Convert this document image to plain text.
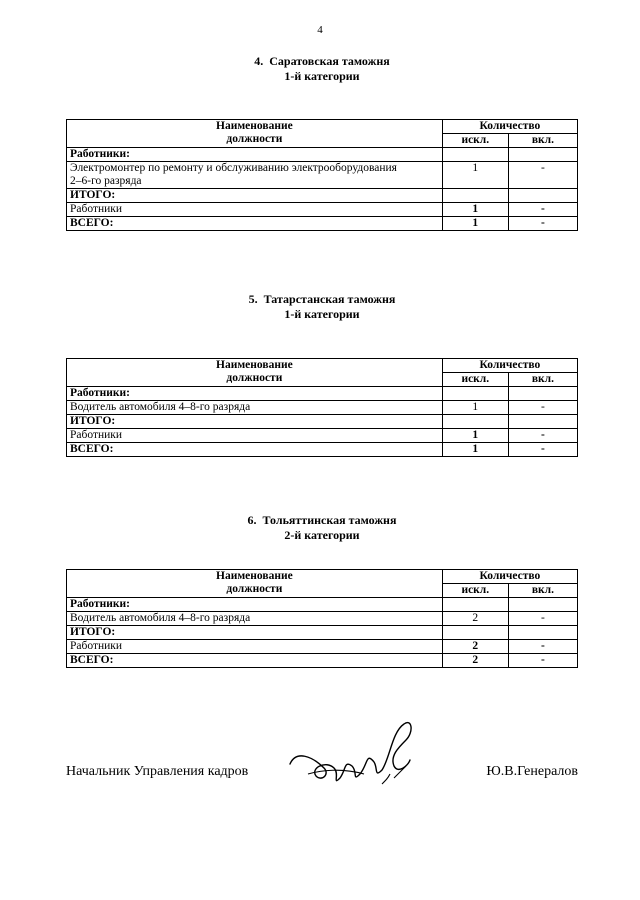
4
4.  Саратовская таможня
1-й категории
Наименование
должности	Количество	
	искл.	вкл.
Работники:		
Электромонтер по ремонту и обслуживанию электрооборудования
2–6-го разряда	1	-
ИТОГО:		
Работники	1	-
ВСЕГО:	1	-
5.  Татарстанская таможня
1-й категории
Наименование
должности	Количество	
	искл.	вкл.
Работники:		
Водитель автомобиля 4–8-го разряда	1	-
ИТОГО:		
Работники	1	-
ВСЕГО:	1	-
6.  Тольяттинская таможня
2-й категории
Наименование
должности	Количество	
	искл.	вкл.
Работники:		
Водитель автомобиля 4–8-го разряда	2	-
ИТОГО:		
Работники	2	-
ВСЕГО:	2	-
Начальник Управления кадров	Ю.В.Генералов
